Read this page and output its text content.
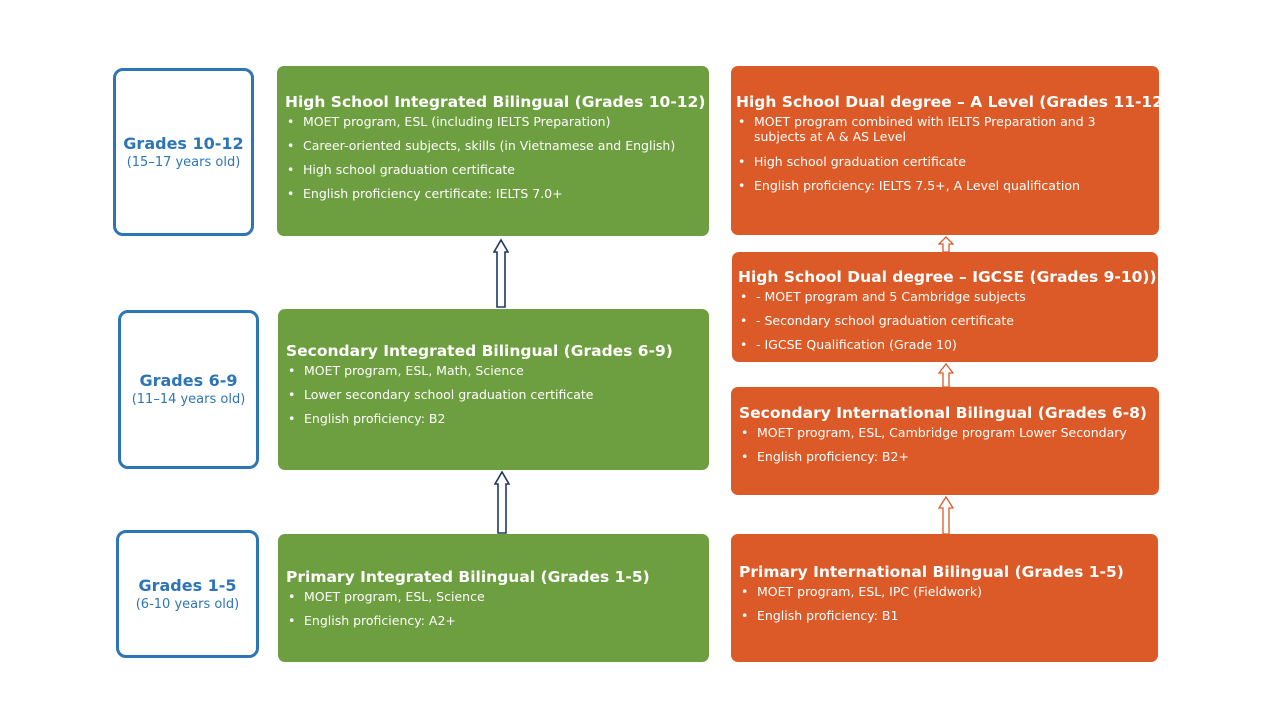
Grades 10-12
(15–17 years old)
Grades 6-9
(11–14 years old)
Grades 1-5
(6-10 years old)
High School Integrated Bilingual (Grades 10-12)
• MOET program, ESL (including IELTS Preparation)
• Career-oriented subjects, skills (in Vietnamese and English)
• High school graduation certificate
• English proficiency certificate: IELTS 7.0+
Secondary Integrated Bilingual (Grades 6-9)
• MOET program, ESL, Math, Science
• Lower secondary school graduation certificate
• English proficiency: B2
Primary Integrated Bilingual (Grades 1-5)
• MOET program, ESL, Science
• English proficiency: A2+
High School Dual degree – A Level (Grades 11-12)
• MOET program combined with IELTS Preparation and 3 subjects at A & AS Level
• High school graduation certificate
• English proficiency: IELTS 7.5+, A Level qualification
High School Dual degree – IGCSE (Grades 9-10))
• - MOET program and 5 Cambridge subjects
• - Secondary school graduation certificate
• - IGCSE Qualification (Grade 10)
Secondary International Bilingual (Grades 6-8)
• MOET program, ESL, Cambridge program Lower Secondary
• English proficiency: B2+
Primary International Bilingual (Grades 1-5)
• MOET program, ESL, IPC (Fieldwork)
• English proficiency: B1
